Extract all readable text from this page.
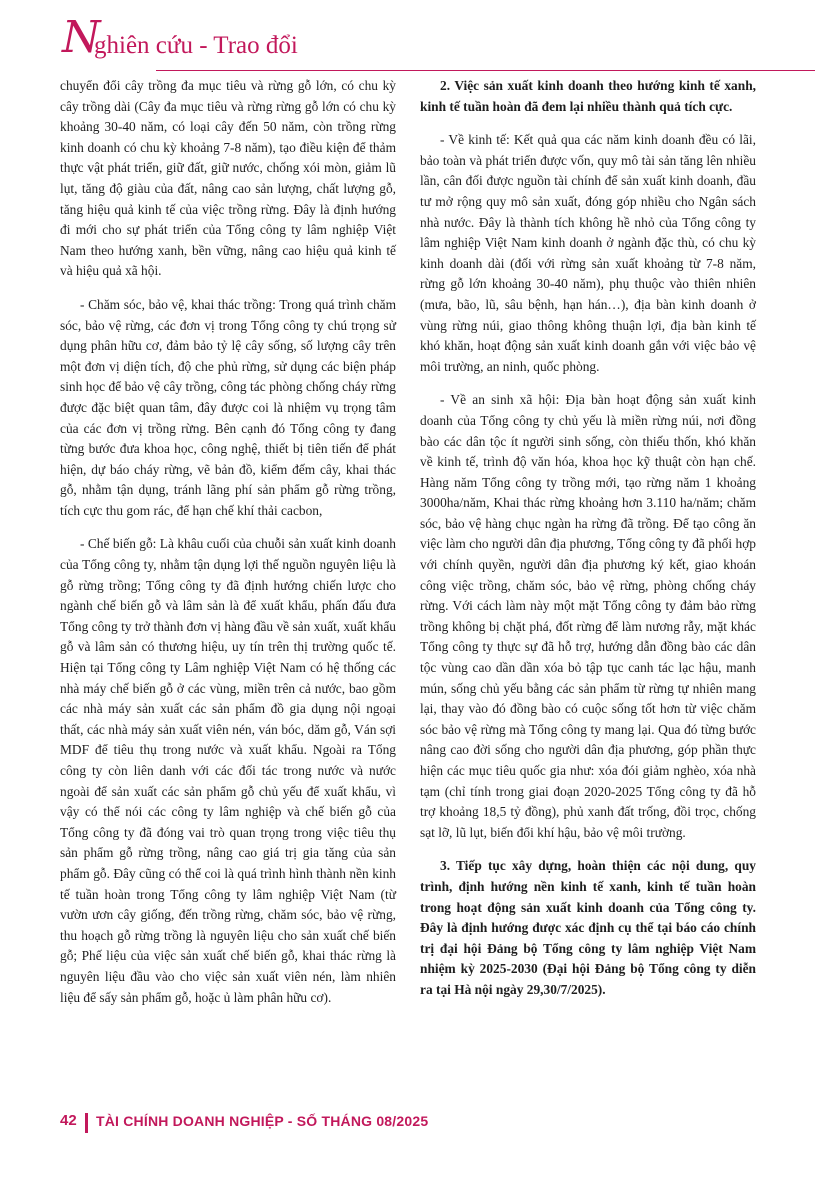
N
ghiên cứu - Trao đổi

chuyển đổi cây trồng đa mục tiêu và rừng gỗ lớn, có chu kỳ cây trồng dài (Cây đa mục tiêu và rừng rừng gỗ lớn có chu kỳ khoảng 30-40 năm, có loại cây đến 50 năm, còn trồng rừng kinh doanh có chu kỳ khoảng 7-8 năm), tạo điều kiện để thảm thực vật phát triển, giữ đất, giữ nước, chống xói mòn, giảm lũ lụt, tăng độ giàu của đất, nâng cao sản lượng, chất lượng gỗ, tăng hiệu quả kinh tế của việc trồng rừng. Đây là định hướng đi mới cho sự phát triển của Tổng công ty lâm nghiệp Việt Nam theo hướng xanh, bền vững, nâng cao hiệu quả kinh tế và hiệu quả xã hội.

- Chăm sóc, bảo vệ, khai thác trồng: Trong quá trình chăm sóc, bảo vệ rừng, các đơn vị trong Tổng công ty chú trọng sử dụng phân hữu cơ, đảm bảo tỷ lệ cây sống, số lượng cây trên một đơn vị diện tích, độ che phủ rừng, sử dụng các biện pháp sinh học để bảo vệ cây trồng, công tác phòng chống cháy rừng được đặc biệt quan tâm, đây được coi là nhiệm vụ trọng tâm của các đơn vị trồng rừng. Bên cạnh đó Tổng công ty đang từng bước đưa khoa học, công nghệ, thiết bị tiên tiến để phát hiện, dự báo cháy rừng, vẽ bản đồ, kiểm đếm cây, khai thác gỗ, nhằm tận dụng, tránh lãng phí sản phẩm gỗ rừng trồng, tích cực thu gom rác, để hạn chế khí thải cacbon,

- Chế biến gỗ: Là khâu cuối của chuỗi sản xuất kinh doanh của Tổng công ty, nhằm tận dụng lợi thế nguồn nguyên liệu là gỗ rừng trồng; Tổng công ty đã định hướng chiến lược cho ngành chế biến gỗ và lâm sản là để xuất khẩu, phấn đấu đưa Tổng công ty trở thành đơn vị hàng đầu về sản xuất, xuất khẩu gỗ và lâm sản có thương hiệu, uy tín trên thị trường quốc tế. Hiện tại Tổng công ty Lâm nghiệp Việt Nam có hệ thống các nhà máy chế biến gỗ ở các vùng, miền trên cả nước, bao gồm các nhà máy sản xuất các sản phẩm đồ gia dụng nội ngoại thất, các nhà máy sản xuất viên nén, ván bóc, dăm gỗ, Ván sợi MDF để tiêu thụ trong nước và xuất khẩu. Ngoài ra Tổng công ty còn liên danh với các đối tác trong nước và nước ngoài để sản xuất các sản phẩm gỗ chủ yếu để xuất khẩu, vì vậy có thể nói các công ty lâm nghiệp và chế biến gỗ của Tổng công ty đã đóng vai trò quan trọng trong việc tiêu thụ sản phẩm gỗ rừng trồng, nâng cao giá trị gia tăng của sản phẩm gỗ. Đây cũng có thể coi là quá trình hình thành nền kinh tế tuần hoàn trong Tổng công ty lâm nghiệp Việt Nam (từ vườn ươn cây giống, đến trồng rừng, chăm sóc, bảo vệ rừng, thu hoạch gỗ rừng trồng là nguyên liệu cho sản xuất chế biến gỗ; Phế liệu của việc sản xuất chế biến gỗ, khai thác rừng là nguyên liệu đầu vào cho việc sản xuất viên nén, làm nhiên liệu để sấy sản phẩm gỗ, hoặc ủ làm phân hữu cơ).

2. Việc sản xuất kinh doanh theo hướng kinh tế xanh, kinh tế tuần hoàn đã đem lại nhiều thành quả tích cực.

- Về kinh tế: Kết quả qua các năm kinh doanh đều có lãi, bảo toàn và phát triển được vốn, quy mô tài sản tăng lên nhiều lần, cân đối được nguồn tài chính để sản xuất kinh doanh, đầu tư mở rộng quy mô sản xuất, đóng góp nhiều cho Ngân sách nhà nước. Đây là thành tích không hề nhỏ của Tổng công ty lâm nghiệp Việt Nam kinh doanh ở ngành đặc thù, có chu kỳ kinh doanh dài (đối với rừng sản xuất khoảng từ 7-8 năm, rừng gỗ lớn khoảng 30-40 năm), phụ thuộc vào thiên nhiên (mưa, bão, lũ, sâu bệnh, hạn hán…), địa bàn kinh doanh ở vùng rừng núi, giao thông không thuận lợi, địa bàn kinh tế khó khăn, hoạt động sản xuất kinh doanh gắn với việc bảo vệ môi trường, an ninh, quốc phòng.

- Về an sinh xã hội: Địa bàn hoạt động sản xuất kinh doanh của Tổng công ty chủ yếu là miền rừng núi, nơi đồng bào các dân tộc ít người sinh sống, còn thiếu thốn, khó khăn về kinh tế, trình độ văn hóa, khoa học kỹ thuật còn hạn chế. Hàng năm Tổng công ty trồng mới, tạo rừng năm 1 khoảng 3000ha/năm, Khai thác rừng khoảng hơn 3.110 ha/năm; chăm sóc, bảo vệ hàng chục ngàn ha rừng đã trồng. Để tạo công ăn việc làm cho người dân địa phương, Tổng công ty đã phối hợp với chính quyền, người dân địa phương ký kết, giao khoán công việc trồng, chăm sóc, bảo vệ rừng, phòng chống cháy rừng. Với cách làm này một mặt Tổng công ty đảm bảo rừng trồng không bị chặt phá, đốt rừng để làm nương rẫy, mặt khác Tổng công ty thực sự đã hỗ trợ, hướng dẫn đồng bào các dân tộc vùng cao dần dần xóa bỏ tập tục canh tác lạc hậu, manh mún, sống chủ yếu bằng các sản phẩm từ rừng tự nhiên mang lại, thay vào đó đồng bào có cuộc sống tốt hơn từ việc chăm sóc bảo vệ rừng mà Tổng công ty mang lại. Qua đó từng bước nâng cao đời sống cho người dân địa phương, góp phần thực hiện các mục tiêu quốc gia như: xóa đói giảm nghèo, xóa nhà tạm (chỉ tính trong giai đoạn 2020-2025 Tổng công ty đã hỗ trợ khoảng 18,5 tỷ đồng), phủ xanh đất trống, đồi trọc, chống sạt lỡ, lũ lụt, biến đổi khí hậu, bảo vệ môi trường.

3. Tiếp tục xây dựng, hoàn thiện các nội dung, quy trình, định hướng nền kinh tế xanh, kinh tế tuần hoàn trong hoạt động sản xuất kinh doanh của Tổng công ty. Đây là định hướng được xác định cụ thể tại báo cáo chính trị đại hội Đảng bộ Tổng công ty lâm nghiệp Việt Nam nhiệm kỳ 2025-2030 (Đại hội Đảng bộ Tổng công ty diễn ra tại Hà nội ngày 29,30/7/2025).

42 TÀI CHÍNH DOANH NGHIỆP - SỐ THÁNG 08/2025
